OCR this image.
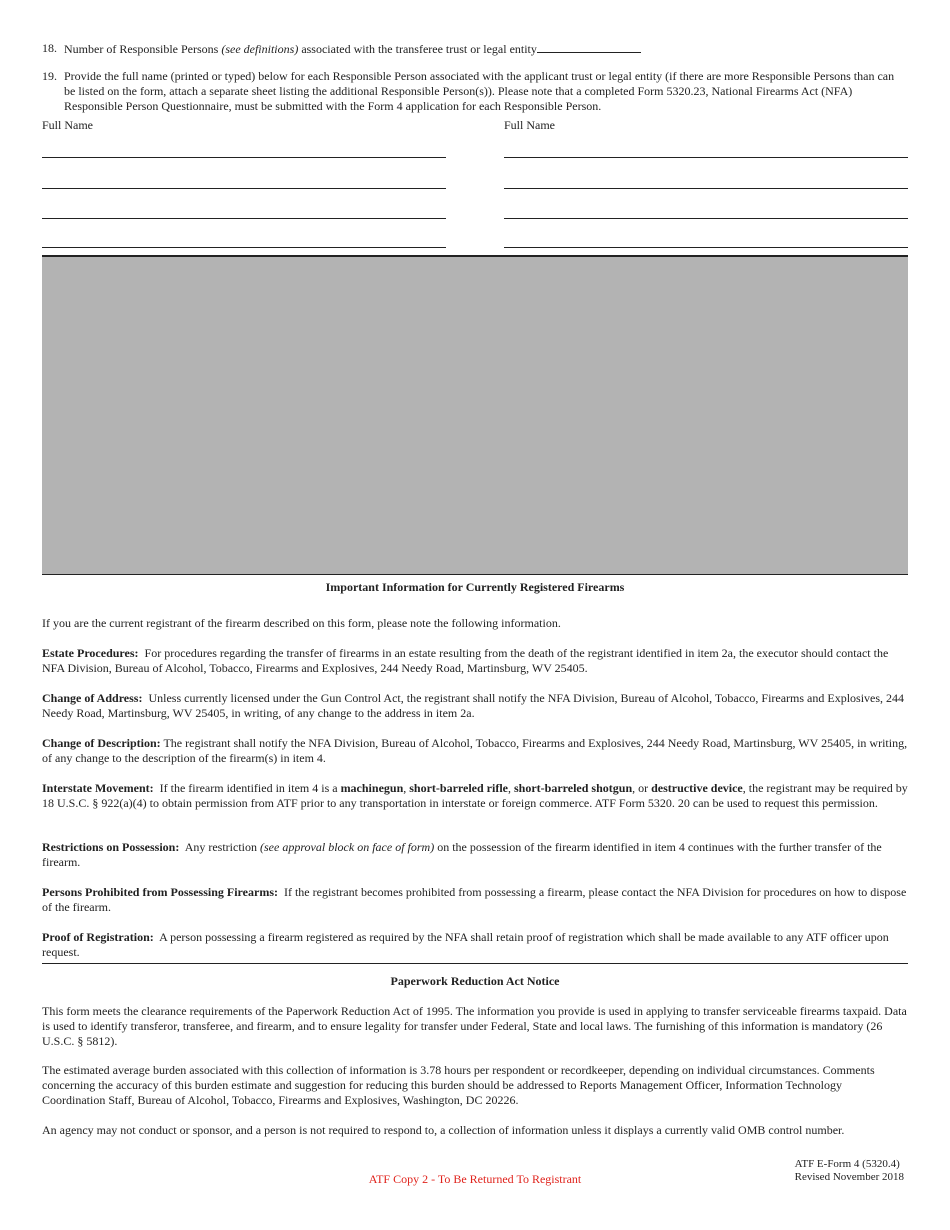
18. Number of Responsible Persons (see definitions) associated with the transferee trust or legal entity
19. Provide the full name (printed or typed) below for each Responsible Person associated with the applicant trust or legal entity (if there are more Responsible Persons than can be listed on the form, attach a separate sheet listing the additional Responsible Person(s)). Please note that a completed Form 5320.23, National Firearms Act (NFA) Responsible Person Questionnaire, must be submitted with the Form 4 application for each Responsible Person.
Full Name	Full Name
Important Information for Currently Registered Firearms
If you are the current registrant of the firearm described on this form, please note the following information.
Estate Procedures: For procedures regarding the transfer of firearms in an estate resulting from the death of the registrant identified in item 2a, the executor should contact the NFA Division, Bureau of Alcohol, Tobacco, Firearms and Explosives, 244 Needy Road, Martinsburg, WV 25405.
Change of Address: Unless currently licensed under the Gun Control Act, the registrant shall notify the NFA Division, Bureau of Alcohol, Tobacco, Firearms and Explosives, 244 Needy Road, Martinsburg, WV 25405, in writing, of any change to the address in item 2a.
Change of Description: The registrant shall notify the NFA Division, Bureau of Alcohol, Tobacco, Firearms and Explosives, 244 Needy Road, Martinsburg, WV 25405, in writing, of any change to the description of the firearm(s) in item 4.
Interstate Movement: If the firearm identified in item 4 is a machinegun, short-barreled rifle, short-barreled shotgun, or destructive device, the registrant may be required by 18 U.S.C. § 922(a)(4) to obtain permission from ATF prior to any transportation in interstate or foreign commerce. ATF Form 5320. 20 can be used to request this permission.
Restrictions on Possession: Any restriction (see approval block on face of form) on the possession of the firearm identified in item 4 continues with the further transfer of the firearm.
Persons Prohibited from Possessing Firearms: If the registrant becomes prohibited from possessing a firearm, please contact the NFA Division for procedures on how to dispose of the firearm.
Proof of Registration: A person possessing a firearm registered as required by the NFA shall retain proof of registration which shall be made available to any ATF officer upon request.
Paperwork Reduction Act Notice
This form meets the clearance requirements of the Paperwork Reduction Act of 1995. The information you provide is used in applying to transfer serviceable firearms taxpaid. Data is used to identify transferor, transferee, and firearm, and to ensure legality for transfer under Federal, State and local laws. The furnishing of this information is mandatory (26 U.S.C. § 5812).
The estimated average burden associated with this collection of information is 3.78 hours per respondent or recordkeeper, depending on individual circumstances. Comments concerning the accuracy of this burden estimate and suggestion for reducing this burden should be addressed to Reports Management Officer, Information Technology Coordination Staff, Bureau of Alcohol, Tobacco, Firearms and Explosives, Washington, DC 20226.
An agency may not conduct or sponsor, and a person is not required to respond to, a collection of information unless it displays a currently valid OMB control number.
ATF Copy 2 - To Be Returned To Registrant
ATF E-Form 4 (5320.4)
Revised November 2018
